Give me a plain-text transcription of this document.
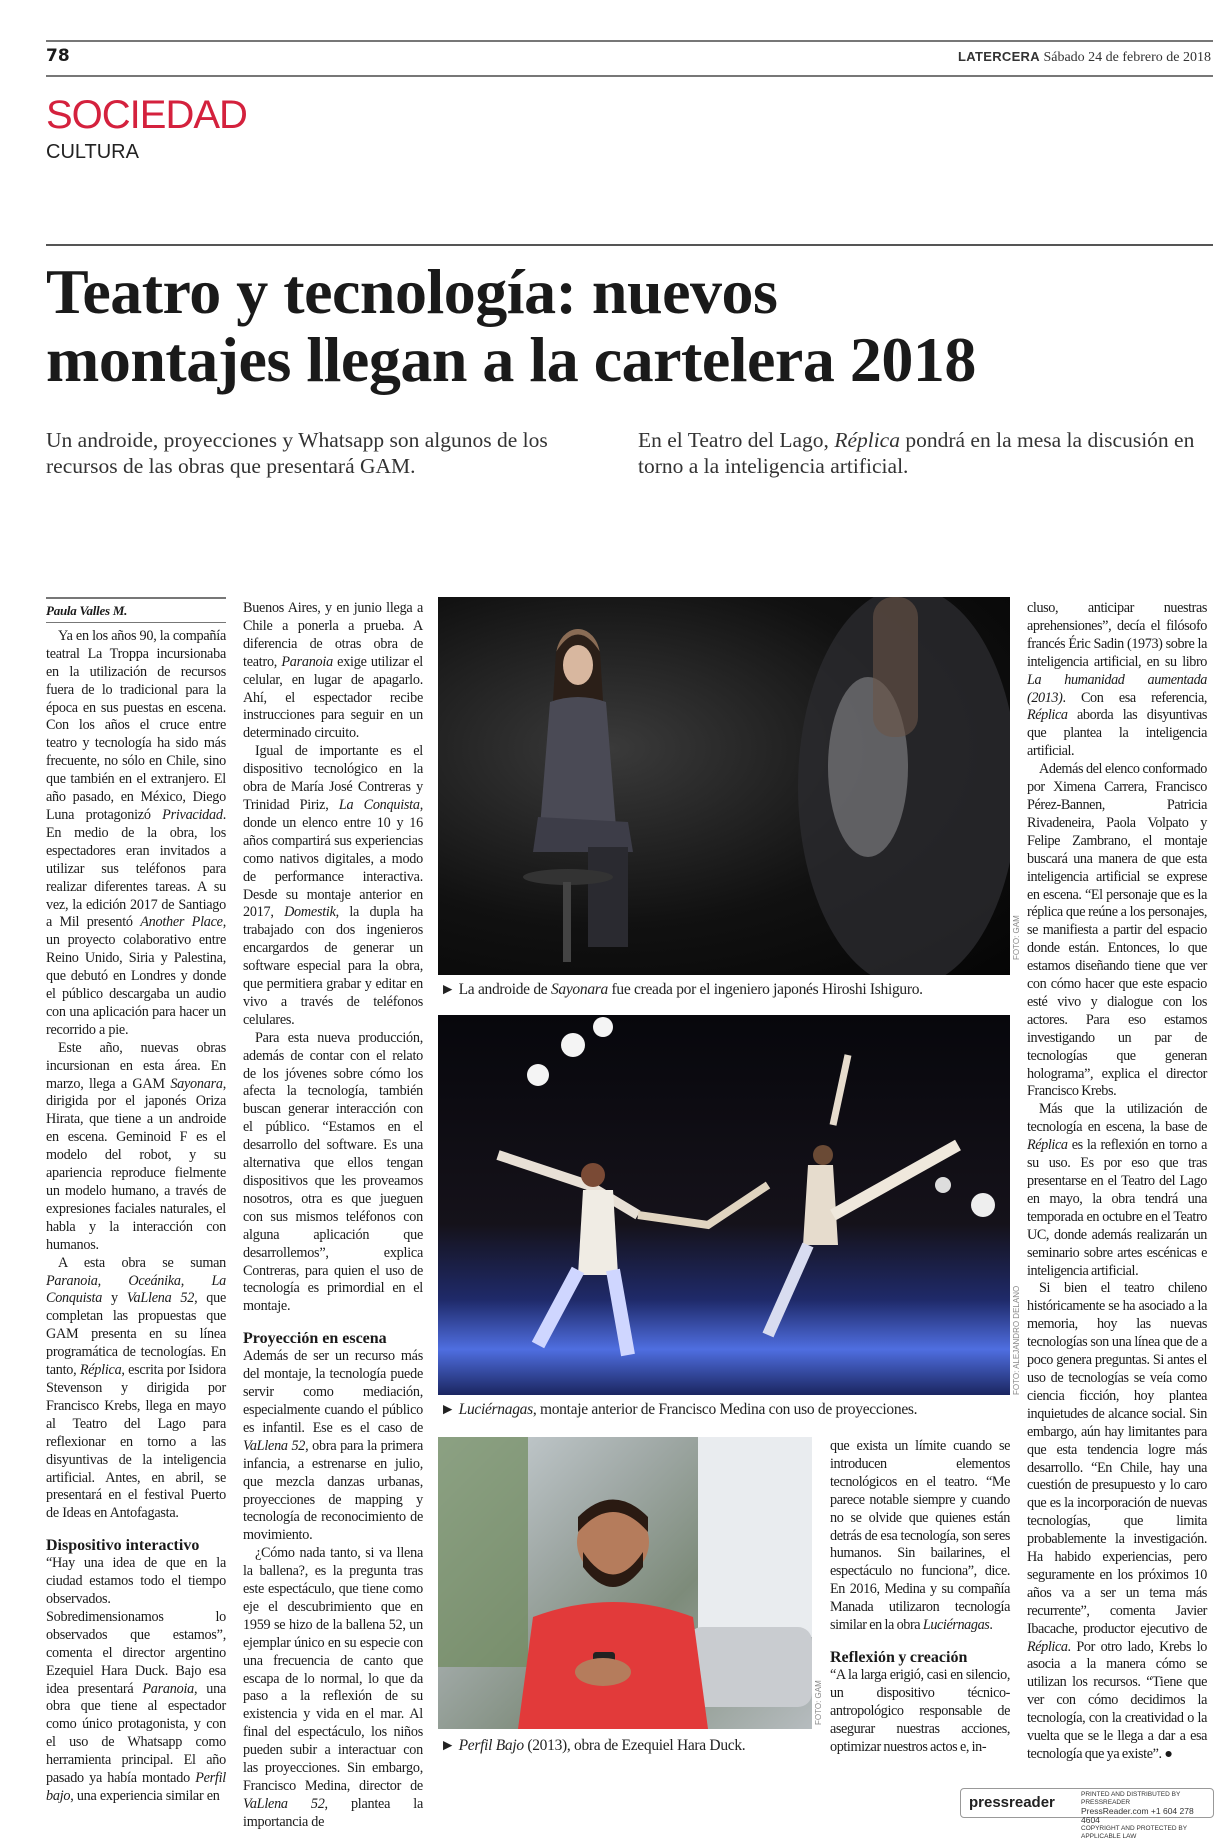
78	LATERCERA Sábado 24 de febrero de 2018
SOCIEDAD
CULTURA
Teatro y tecnología: nuevos
montajes llegan a la cartelera 2018
Un androide, proyecciones y Whatsapp son algunos de los recursos de las obras que presentará GAM.
En el Teatro del Lago, Réplica pondrá en la mesa la discusión en torno a la inteligencia artificial.
Paula Valles M.

Ya en los años 90, la compañía teatral La Troppa incursionaba en la utilización de recursos fuera de lo tradicional para la época en sus puestas en escena. Con los años el cruce entre teatro y tecnología ha sido más frecuente, no sólo en Chile, sino que también en el extranjero. El año pasado, en México, Diego Luna protagonizó Privacidad. En medio de la obra, los espectadores eran invitados a utilizar sus teléfonos para realizar diferentes tareas. A su vez, la edición 2017 de Santiago a Mil presentó Another Place, un proyecto colaborativo entre Reino Unido, Siria y Palestina, que debutó en Londres y donde el público descargaba un audio con una aplicación para hacer un recorrido a pie.

Este año, nuevas obras incursionan en esta área. En marzo, llega a GAM Sayonara, dirigida por el japonés Oriza Hirata, que tiene a un androide en escena. Geminoid F es el modelo del robot, y su apariencia reproduce fielmente un modelo humano, a través de expresiones faciales naturales, el habla y la interacción con humanos.

A esta obra se suman Paranoia, Oceánika, La Conquista y VaLlena 52, que completan las propuestas que GAM presenta en su línea programática de tecnologías. En tanto, Réplica, escrita por Isidora Stevenson y dirigida por Francisco Krebs, llega en mayo al Teatro del Lago para reflexionar en torno a las disyuntivas de la inteligencia artificial. Antes, en abril, se presentará en el festival Puerto de Ideas en Antofagasta.

Dispositivo interactivo

“Hay una idea de que en la ciudad estamos todo el tiempo observados. Sobredimensionamos lo observados que estamos”, comenta el director argentino Ezequiel Hara Duck. Bajo esa idea presentará Paranoia, una obra que tiene al espectador como único protagonista, y con el uso de Whatsapp como herramienta principal. El año pasado ya había montado Perfil bajo, una experiencia similar en

Buenos Aires, y en junio llega a Chile a ponerla a prueba. A diferencia de otras obra de teatro, Paranoia exige utilizar el celular, en lugar de apagarlo. Ahí, el espectador recibe instrucciones para seguir en un determinado circuito.

Igual de importante es el dispositivo tecnológico en la obra de María José Contreras y Trinidad Piriz, La Conquista, donde un elenco entre 10 y 16 años compartirá sus experiencias como nativos digitales, a modo de performance interactiva. Desde su montaje anterior en 2017, Domestik, la dupla ha trabajado con dos ingenieros encargardos de generar un software especial para la obra, que permitiera grabar y editar en vivo a través de teléfonos celulares.

Para esta nueva producción, además de contar con el relato de los jóvenes sobre cómo los afecta la tecnología, también buscan generar interacción con el público. “Estamos en el desarrollo del software. Es una alternativa que ellos tengan dispositivos que les proveamos nosotros, otra es que jueguen con sus mismos teléfonos con alguna aplicación que desarrollemos”, explica Contreras, para quien el uso de tecnología es primordial en el montaje.

Proyección en escena

Además de ser un recurso más del montaje, la tecnología puede servir como mediación, especialmente cuando el público es infantil. Ese es el caso de VaLlena 52, obra para la primera infancia, a estrenarse en julio, que mezcla danzas urbanas, proyecciones de mapping y tecnología de reconocimiento de movimiento.

¿Cómo nada tanto, si va llena la ballena?, es la pregunta tras este espectáculo, que tiene como eje el descubrimiento que en 1959 se hizo de la ballena 52, un ejemplar único en su especie con una frecuencia de canto que escapa de lo normal, lo que da paso a la reflexión de su existencia y vida en el mar. Al final del espectáculo, los niños pueden subir a interactuar con las proyecciones. Sin embargo, Francisco Medina, director de VaLlena 52, plantea la importancia de

que exista un límite cuando se introducen elementos tecnológicos en el teatro. “Me parece notable siempre y cuando no se olvide que quienes están detrás de esa tecnología, son seres humanos. Sin bailarines, el espectáculo no funciona”, dice. En 2016, Medina y su compañía Manada utilizaron tecnología similar en la obra Luciérnagas.

Reflexión y creación

“A la larga erigió, casi en silencio, un dispositivo técnico-antropológico responsable de asegurar nuestras acciones, optimizar nuestros actos e, in-

cluso, anticipar nuestras aprehensiones”, decía el filósofo francés Éric Sadin (1973) sobre la inteligencia artificial, en su libro La humanidad aumentada (2013). Con esa referencia, Réplica aborda las disyuntivas que plantea la inteligencia artificial.

Además del elenco conformado por Ximena Carrera, Francisco Pérez-Bannen, Patricia Rivadeneira, Paola Volpato y Felipe Zambrano, el montaje buscará una manera de que esta inteligencia artificial se exprese en escena. “El personaje que es la réplica que reúne a los personajes, se manifiesta a partir del espacio donde están. Entonces, lo que estamos diseñando tiene que ver con cómo hacer que este espacio esté vivo y dialogue con los actores. Para eso estamos investigando un par de tecnologías que generan holograma”, explica el director Francisco Krebs.

Más que la utilización de tecnología en escena, la base de Réplica es la reflexión en torno a su uso. Es por eso que tras presentarse en el Teatro del Lago en mayo, la obra tendrá una temporada en octubre en el Teatro UC, donde además realizarán un seminario sobre artes escénicas e inteligencia artificial.

Si bien el teatro chileno históricamente se ha asociado a la memoria, hoy las nuevas tecnologías son una línea que de a poco genera preguntas. Si antes el uso de tecnologías se veía como ciencia ficción, hoy plantea inquietudes de alcance social. Sin embargo, aún hay limitantes para que esta tendencia logre más desarrollo. “En Chile, hay una cuestión de presupuesto y lo caro que es la incorporación de nuevas tecnologías, que limita probablemente la investigación. Ha habido experiencias, pero seguramente en los próximos 10 años va a ser un tema más recurrente”, comenta Javier Ibacache, productor ejecutivo de Réplica. Por otro lado, Krebs lo asocia a la manera cómo se utilizan los recursos. “Tiene que ver con cómo decidimos la tecnología, con la creatividad o la vuelta que se le llega a dar a esa tecnología que ya existe”. ●

FOTO: GAM
► La androide de Sayonara fue creada por el ingeniero japonés Hiroshi Ishiguro.
FOTO: ALEJANDRO DELANO
► Luciérnagas, montaje anterior de Francisco Medina con uso de proyecciones.
FOTO: GAM
► Perfil Bajo (2013), obra de Ezequiel Hara Duck.
pressreader	PRINTED AND DISTRIBUTED BY PRESSREADER
PressReader.com +1 604 278 4604
COPYRIGHT AND PROTECTED BY APPLICABLE LAW
